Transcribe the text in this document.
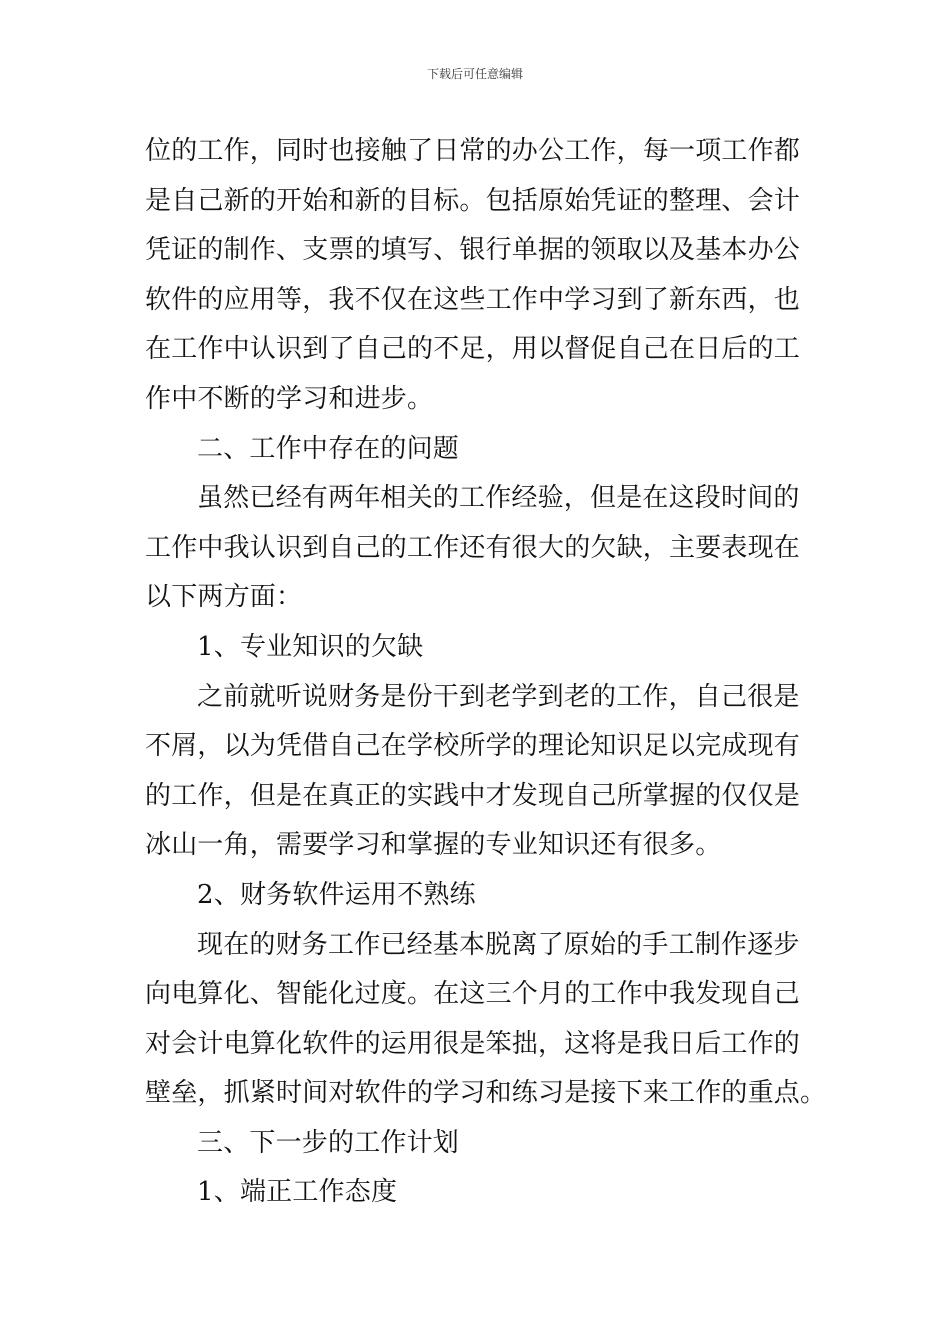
下载后可任意编辑
位的工作，同时也接触了日常的办公工作，每一项工作都
是自己新的开始和新的目标。包括原始凭证的整理、会计
凭证的制作、支票的填写、银行单据的领取以及基本办公
软件的应用等，我不仅在这些工作中学习到了新东西，也
在工作中认识到了自己的不足，用以督促自己在日后的工
作中不断的学习和进步。
二、工作中存在的问题
虽然已经有两年相关的工作经验，但是在这段时间的
工作中我认识到自己的工作还有很大的欠缺，主要表现在
以下两方面：
1、专业知识的欠缺
之前就听说财务是份干到老学到老的工作，自己很是
不屑，以为凭借自己在学校所学的理论知识足以完成现有
的工作，但是在真正的实践中才发现自己所掌握的仅仅是
冰山一角，需要学习和掌握的专业知识还有很多。
2、财务软件运用不熟练
现在的财务工作已经基本脱离了原始的手工制作逐步
向电算化、智能化过度。在这三个月的工作中我发现自己
对会计电算化软件的运用很是笨拙，这将是我日后工作的
壁垒，抓紧时间对软件的学习和练习是接下来工作的重点。
三、下一步的工作计划
1、端正工作态度
